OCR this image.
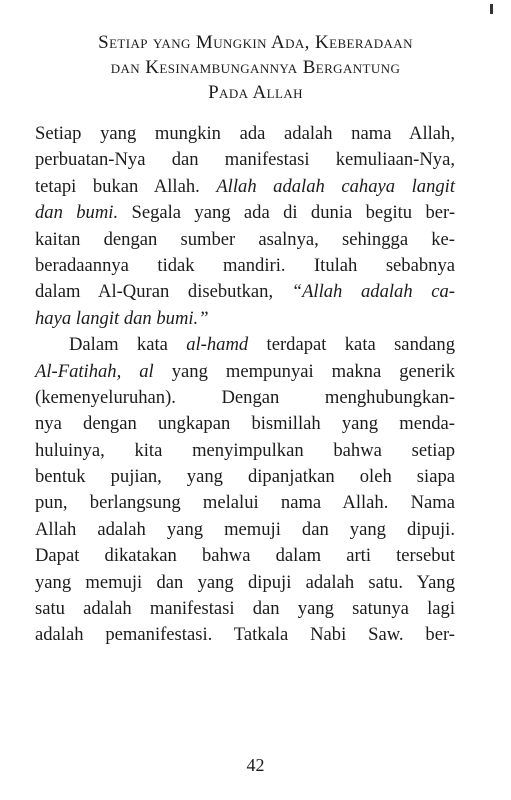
Setiap yang Mungkin Ada, Keberadaan
dan Kesinambungannya Bergantung
Pada Allah
Setiap yang mungkin ada adalah nama Allah,
perbuatan-Nya dan manifestasi kemuliaan-Nya,
tetapi bukan Allah. Allah adalah cahaya langit
dan bumi. Segala yang ada di dunia begitu ber-
kaitan dengan sumber asalnya, sehingga ke-
beradaannya tidak mandiri. Itulah sebabnya
dalam Al-Quran disebutkan, “Allah adalah ca-
haya langit dan bumi.”
Dalam kata al-hamd terdapat kata sandang
Al-Fatihah, al yang mempunyai makna generik
(kemenyeluruhan). Dengan menghubungkan-
nya dengan ungkapan bismillah yang menda-
huluinya, kita menyimpulkan bahwa setiap
bentuk pujian, yang dipanjatkan oleh siapa
pun, berlangsung melalui nama Allah. Nama
Allah adalah yang memuji dan yang dipuji.
Dapat dikatakan bahwa dalam arti tersebut
yang memuji dan yang dipuji adalah satu. Yang
satu adalah manifestasi dan yang satunya lagi
adalah pemanifestasi. Tatkala Nabi Saw. ber-
42
